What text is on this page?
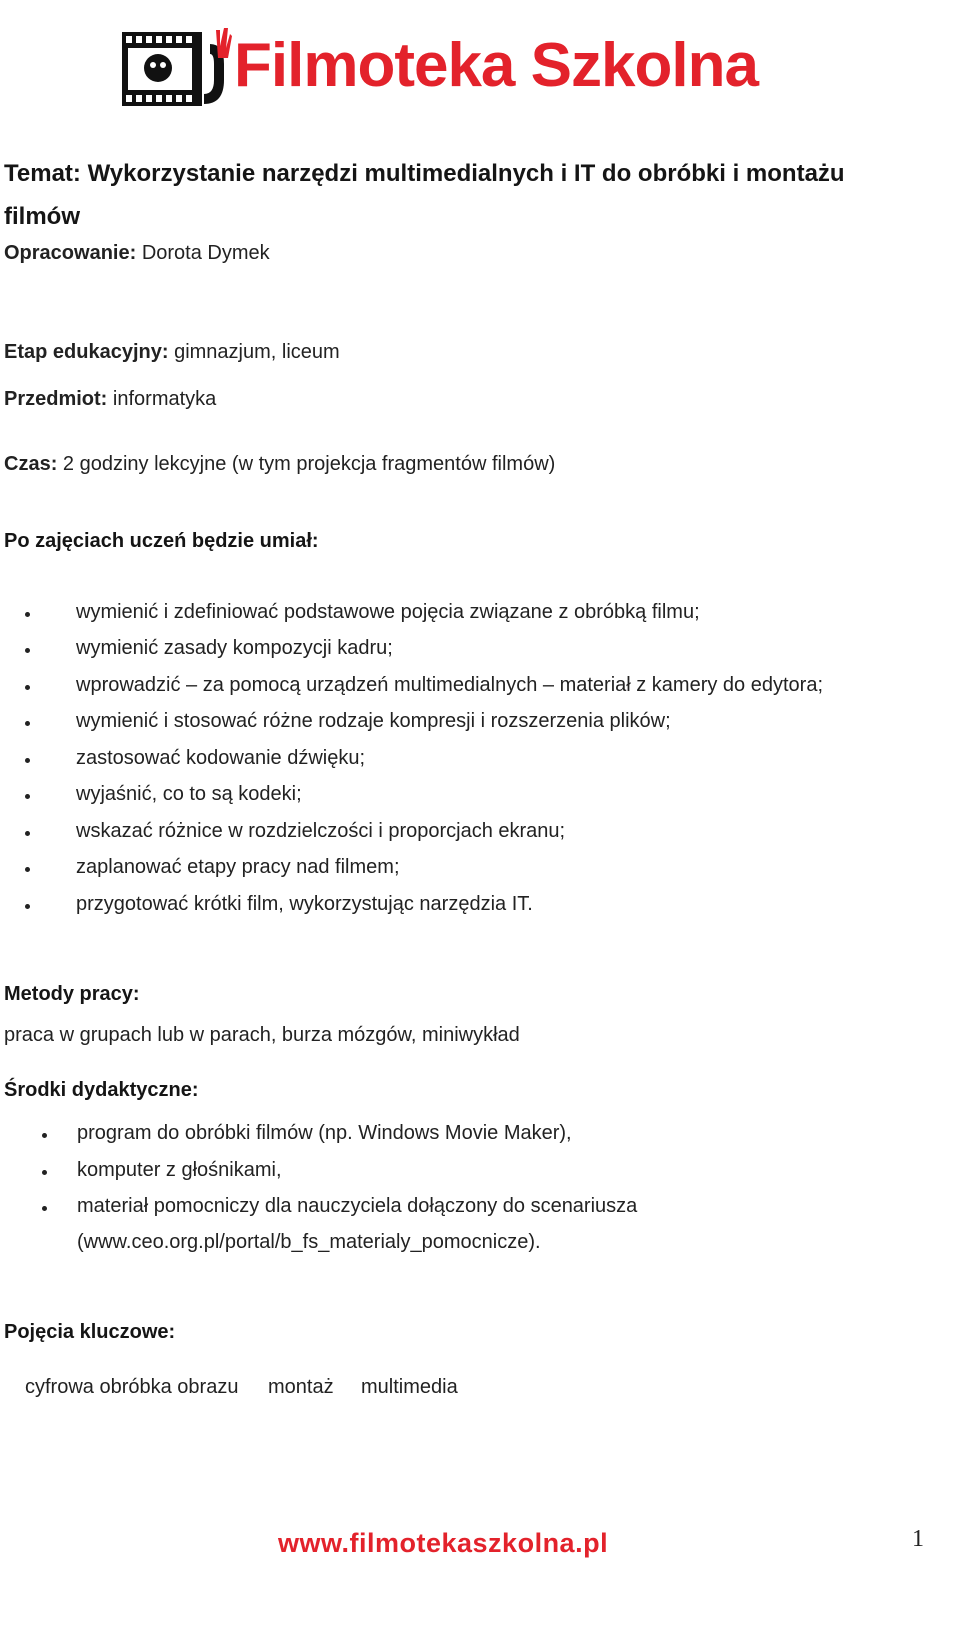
Filmoteka Szkolna
Temat: Wykorzystanie narzędzi multimedialnych i IT do obróbki i montażu filmów
Opracowanie: Dorota Dymek
Etap edukacyjny: gimnazjum, liceum
Przedmiot: informatyka
Czas: 2 godziny lekcyjne (w tym projekcja fragmentów filmów)
Po zajęciach uczeń będzie umiał:
wymienić i zdefiniować podstawowe pojęcia związane z obróbką filmu;
wymienić zasady kompozycji kadru;
wprowadzić – za pomocą urządzeń multimedialnych – materiał z kamery do edytora;
wymienić i stosować różne rodzaje kompresji i rozszerzenia plików;
zastosować kodowanie dźwięku;
wyjaśnić, co to są kodeki;
wskazać różnice w rozdzielczości i proporcjach ekranu;
zaplanować etapy pracy nad filmem;
przygotować krótki film, wykorzystując narzędzia IT.
Metody pracy:
praca w grupach lub w parach, burza mózgów, miniwykład
Środki dydaktyczne:
program do obróbki filmów (np. Windows Movie Maker),
komputer z głośnikami,
materiał pomocniczy dla nauczyciela dołączony do scenariusza
(www.ceo.org.pl/portal/b_fs_materialy_pomocnicze).
Pojęcia kluczowe:
cyfrowa obróbka obrazu montaż multimedia
www.filmotekaszkolna.pl	1
